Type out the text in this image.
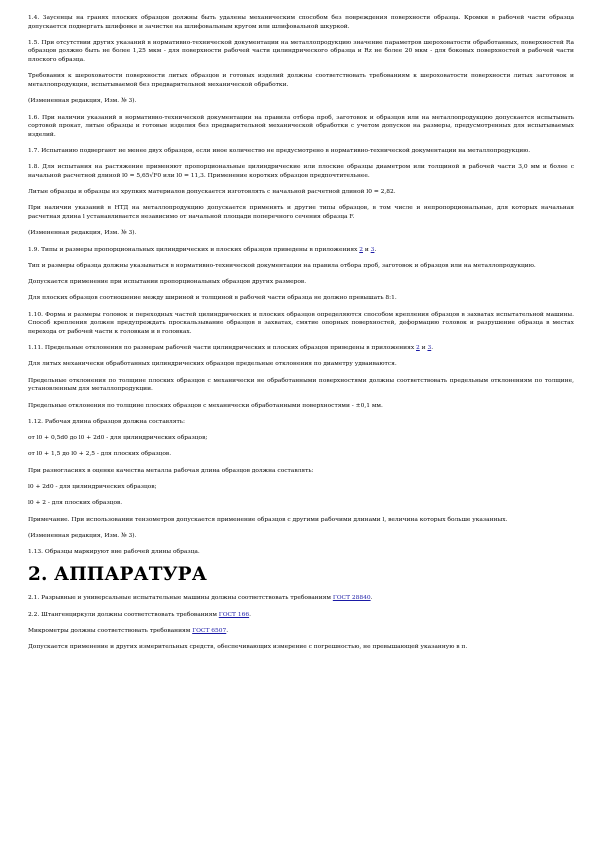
1.4. Заусенцы на гранях плоских образцов должны быть удалены механическим способом без повреждения поверхности образца. Кромки в рабочей части образца допускается подвергать шлифовке и зачистке на шлифовальным кругом или шлифовальной шкуркой.

1.5. При отсутствии других указаний в нормативно-технической документации на металлопродукцию значение параметров шероховатости обработанных, поверхностей Ra образцов должно быть не более 1,25 мкм - для поверхности рабочей части цилиндрического образца и Rz не более 20 мкм - для боковых поверхностей в рабочей части плоского образца.

Требования к шероховатости поверхности литых образцов и готовых изделий должны соответствовать требованиям к шероховатости поверхности литых заготовок и металлопродукции, испытываемой без предварительной механической обработки.

(Измененная редакция, Изм. № 3).

1.6. При наличии указаний в нормативно-технической документации на правила отбора проб, заготовок и образцов или на металлопродукцию допускается испытывать сортовой прокат, литые образцы и готовые изделия без предварительной механической обработки с учетом допусков на размеры, предусмотренных для испытываемых изделий.

1.7. Испытанию подвергают не менее двух образцов, если иное количество не предусмотрено в нормативно-технической документации на металлопродукцию.

1.8. Для испытания на растяжение применяют пропорциональные цилиндрические или плоские образцы диаметром или толщиной в рабочей части 3,0 мм и более с начальной расчетной длиной l0 = 5,65√F0 или l0 = 11,3. Применение коротких образцов предпочтительнее.

Литые образцы и образцы из хрупких материалов допускается изготовлять с начальной расчетной длиной l0 = 2,82.

При наличии указаний в НТД на металлопродукцию допускается применять и другие типы образцов, в том числе и непропорциональные, для которых начальная расчетная длина l устанавливается независимо от начальной площади поперечного сечения образца F.

(Измененная редакция, Изм. № 3).

1.9. Типы и размеры пропорциональных цилиндрических и плоских образцов приведены в приложениях 2 и 3.

Тип и размеры образца должны указываться в нормативно-технической документации на правила отбора проб, заготовок и образцов или на металлопродукцию.

Допускается применение при испытании пропорциональных образцов других размеров.

Для плоских образцов соотношение между шириной и толщиной в рабочей части образца не должно превышать 8:1.

1.10. Форма и размеры головок и переходных частей цилиндрических и плоских образцов определяются способом крепления образцов в захватах испытательной машины. Способ крепления должен предупреждать проскальзывание образцов в захватах, смятие опорных поверхностей, деформацию головок и разрушение образца в местах перехода от рабочей части к головкам и в головках.

1.11. Предельные отклонения по размерам рабочей части цилиндрических и плоских образцов приведены в приложениях 2 и 3.

Для литых механически обработанных цилиндрических образцов предельные отклонения по диаметру удваиваются.

Предельные отклонения по толщине плоских образцов с механически не обработанными поверхностями должны соответствовать предельным отклонениям по толщине, установленным для металлопродукции.

Предельные отклонения по толщине плоских образцов с механически обработанными поверхностями - ±0,1 мм.

1.12. Рабочая длина образцов должна составлять:

от l0 + 0,5d0 до l0 + 2d0 - для цилиндрических образцов;

от l0 + 1,5 до l0 + 2,5 - для плоских образцов.

При разногласиях в оценке качества металла рабочая длина образцов должна составлять:

l0 + 2d0 - для цилиндрических образцов;

l0 + 2 - для плоских образцов.

Примечание. При использовании тензометров допускается применение образцов с другими рабочими длинами l, величина которых больше указанных.

(Измененная редакция, Изм. № 3).

1.13. Образцы маркируют вне рабочей длины образца.

2. АППАРАТУРА

2.1. Разрывные и универсальные испытательные машины должны соответствовать требованиям ГОСТ 28840.

2.2. Штангенциркули должны соответствовать требованиям ГОСТ 166.

Микрометры должны соответствовать требованиям ГОСТ 6507.

Допускается применение и других измерительных средств, обеспечивающих измерение с погрешностью, не превышающей указанную в п.
